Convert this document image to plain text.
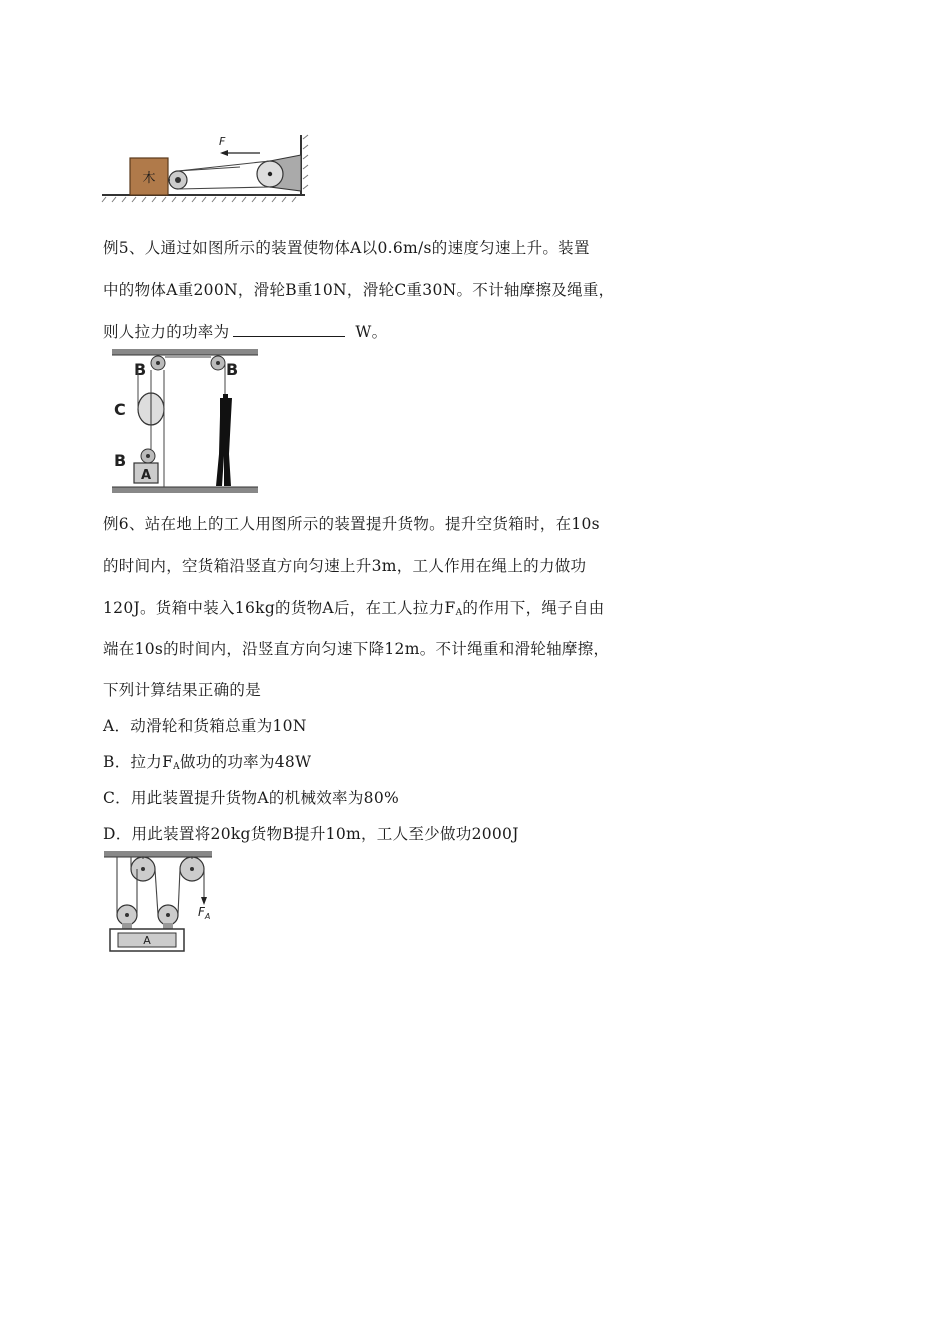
木
F
例5、人通过如图所示的装置使物体A以0.6m/s的速度匀速上升。装置
中的物体A重200N，滑轮B重10N，滑轮C重30N。不计轴摩擦及绳重，
则人拉力的功率为	W。
B	B
C
B
A
例6、站在地上的工人用图所示的装置提升货物。提升空货箱时，在10s
的时间内，空货箱沿竖直方向匀速上升3m，工人作用在绳上的力做功
120J。货箱中装入16kg的货物A后，在工人拉力$F_A$的作用下，绳子自由
端在10s的时间内，沿竖直方向匀速下降12m。不计绳重和滑轮轴摩擦，
下列计算结果正确的是
A．动滑轮和货箱总重为10N
B．拉力$F_A$做功的功率为48W
C．用此装置提升货物A的机械效率为80%
D．用此装置将20kg货物B提升10m，工人至少做功2000J
$F_A$
A
